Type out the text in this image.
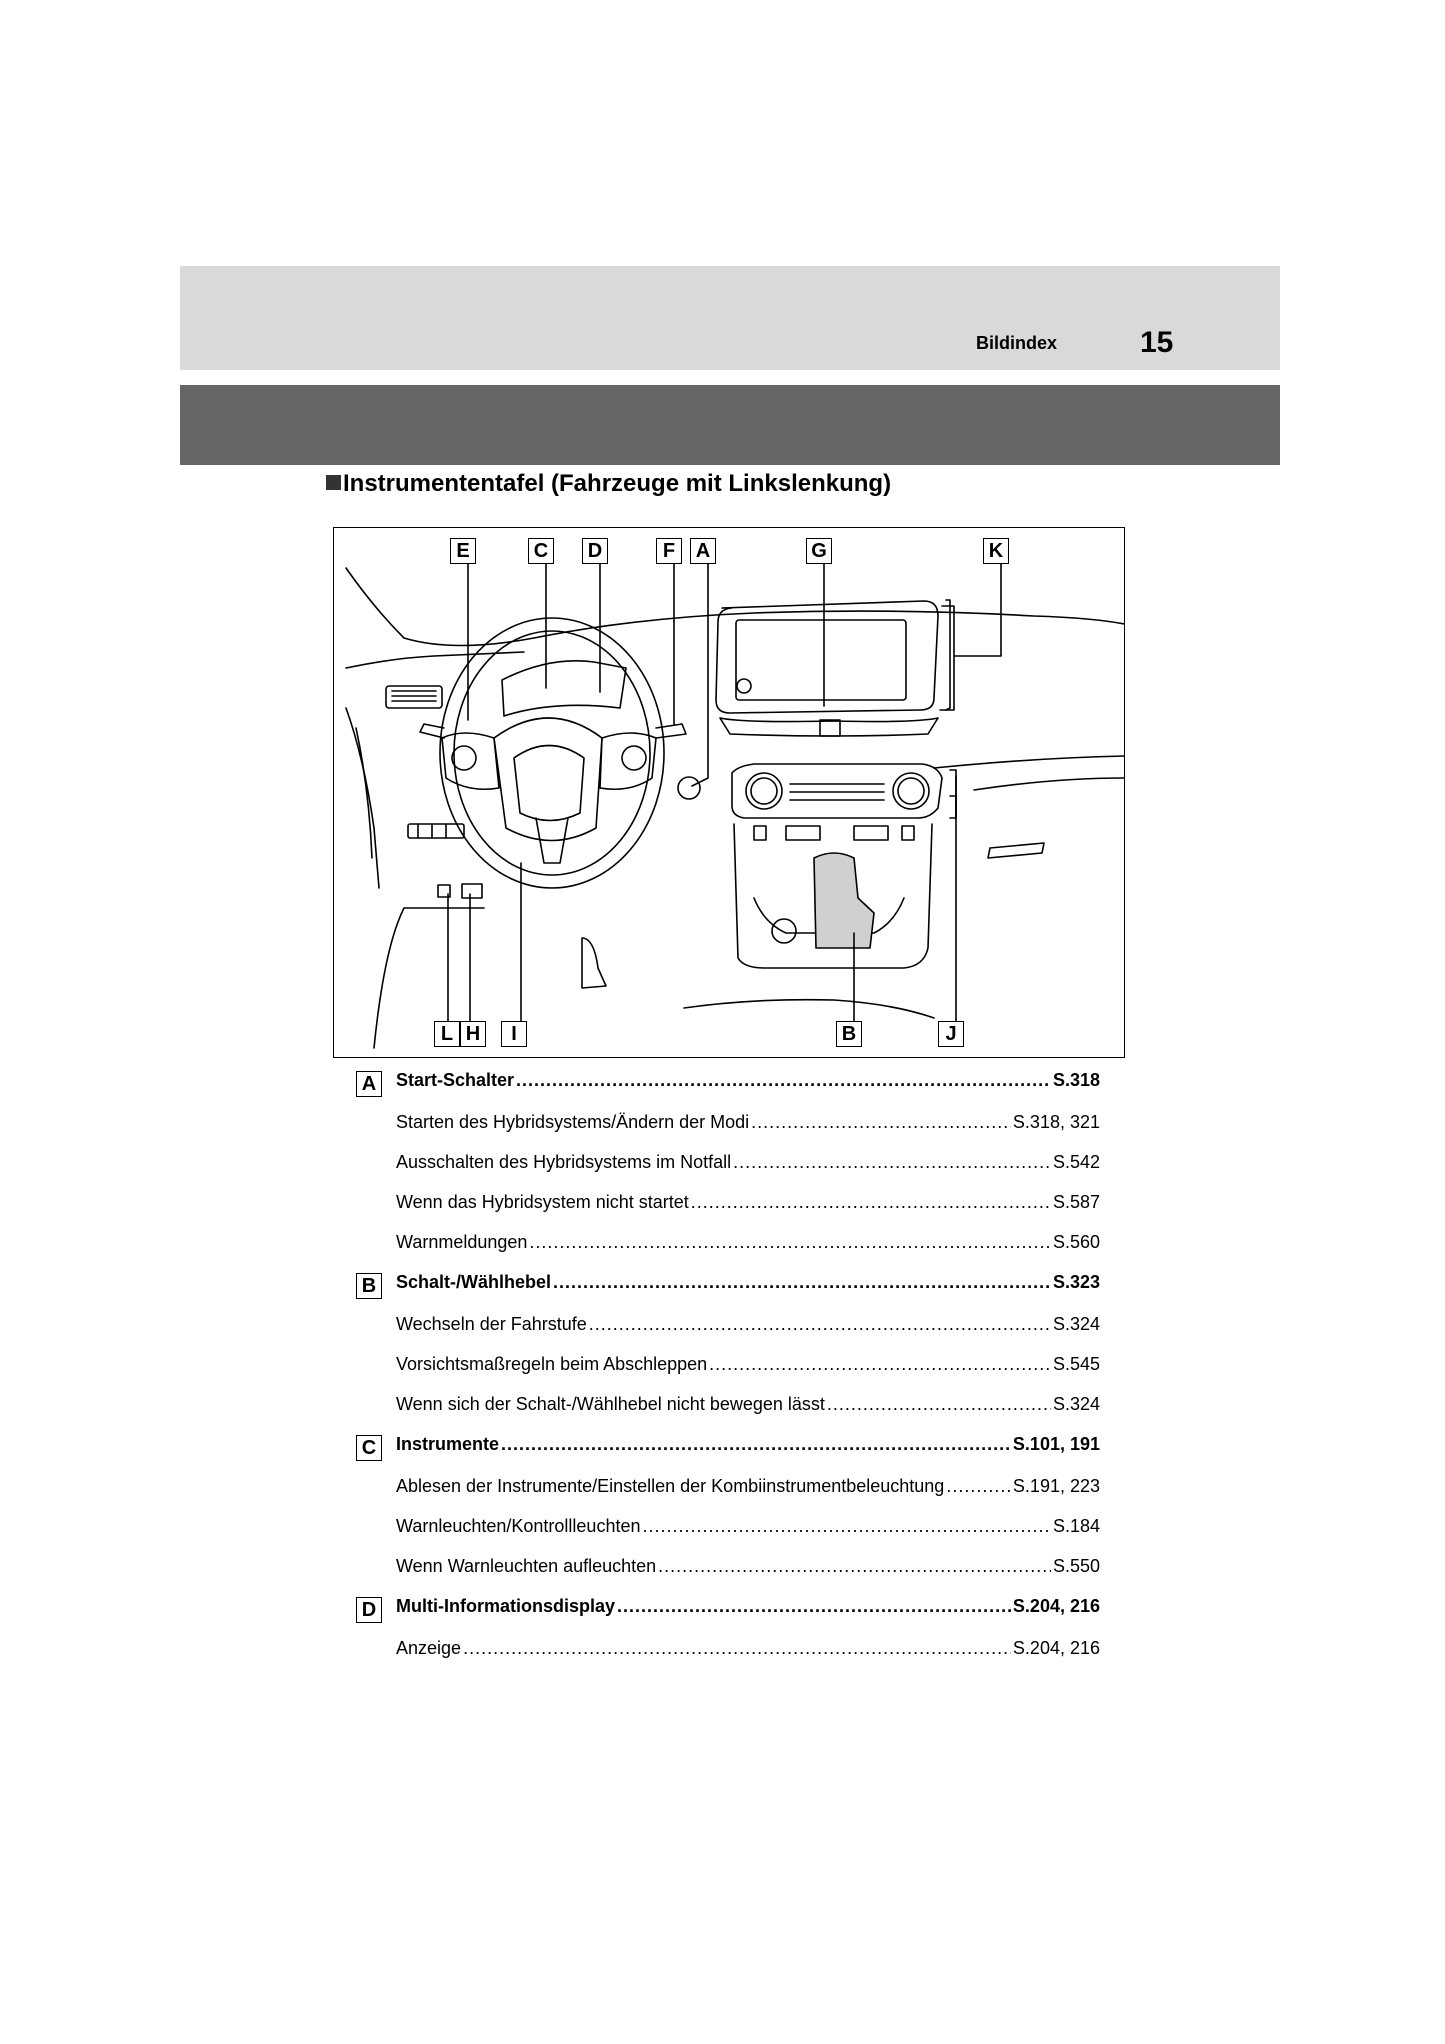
Bildindex	15
Instrumententafel (Fahrzeuge mit Linkslenkung)
E	C D	F	A	G	K
L H	I	B	J
A	Start-Schalter .....	S.318
Starten des Hybridsystems/Ändern der Modi .....	S.318, 321
Ausschalten des Hybridsystems im Notfall .....	S.542
Wenn das Hybridsystem nicht startet .....	S.587
Warnmeldungen .....	S.560
B	Schalt-/Wählhebel .....	S.323
Wechseln der Fahrstufe .....	S.324
Vorsichtsmaßregeln beim Abschleppen .....	S.545
Wenn sich der Schalt-/Wählhebel nicht bewegen lässt .....	S.324
C	Instrumente .....	S.101, 191
Ablesen der Instrumente/Einstellen der Kombiinstrumentbeleuchtung .....	S.191, 223
Warnleuchten/Kontrollleuchten .....	S.184
Wenn Warnleuchten aufleuchten .....	S.550
D	Multi-Informationsdisplay .....	S.204, 216
Anzeige .....	S.204, 216
